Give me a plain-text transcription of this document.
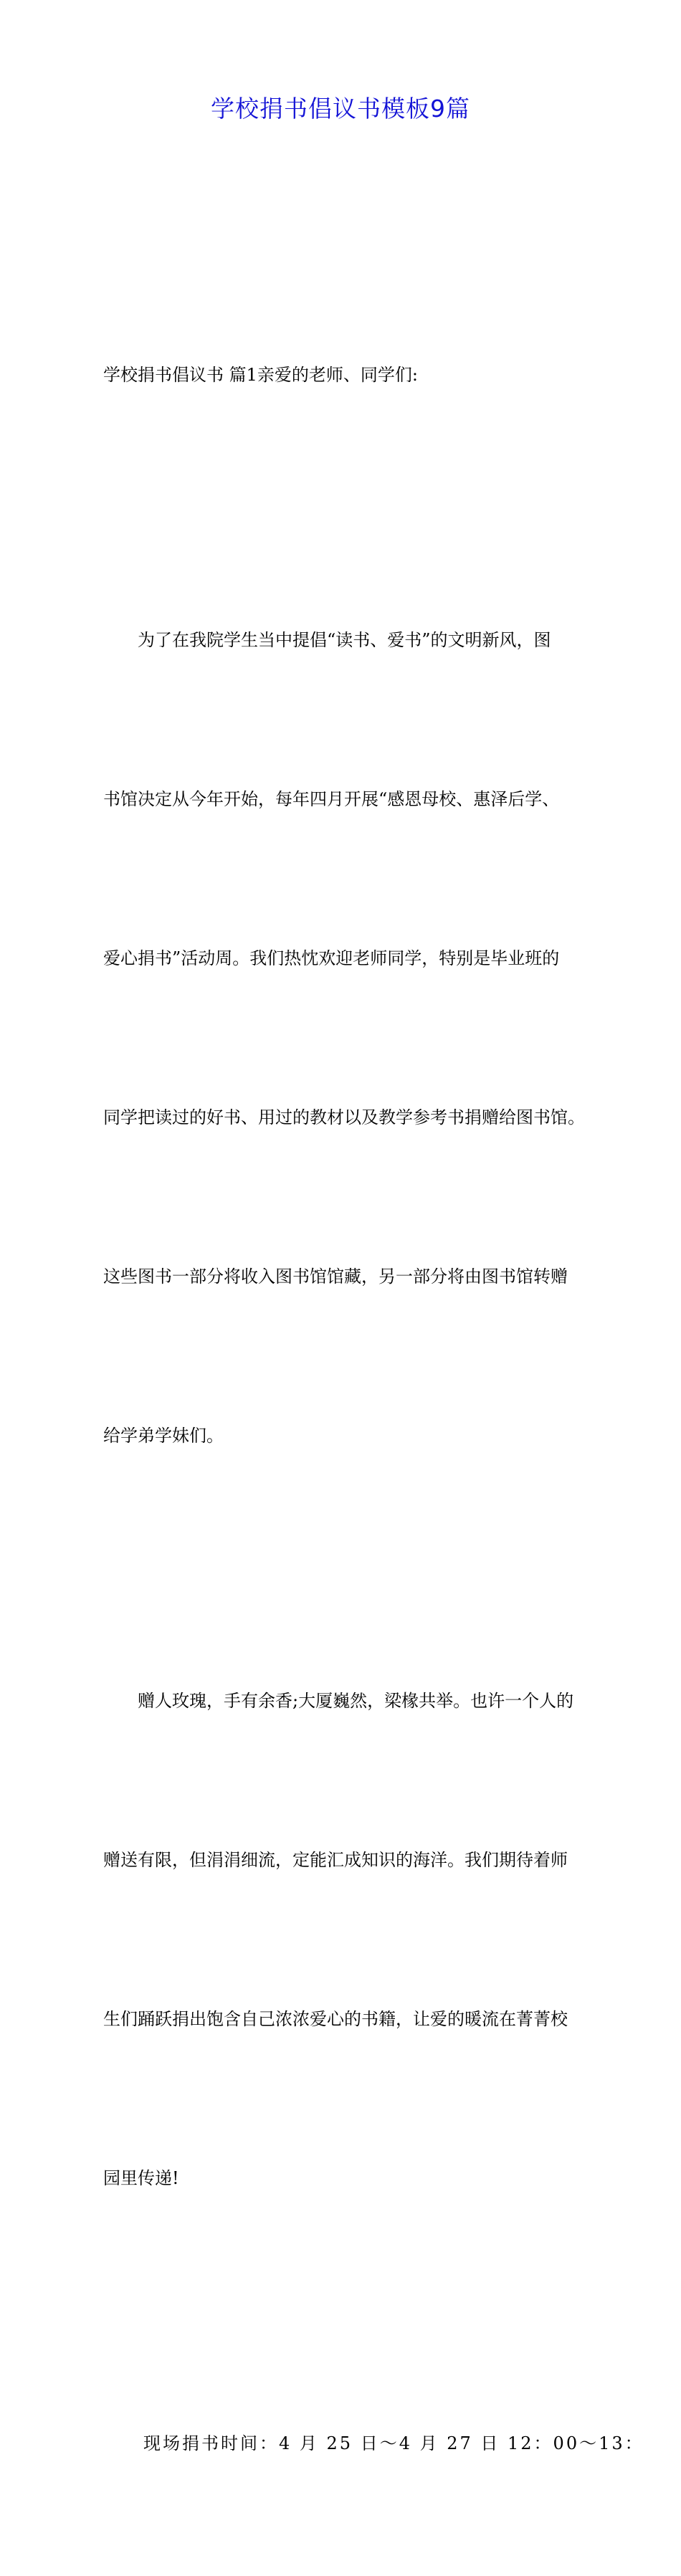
学校捐书倡议书模板9篇

学校捐书倡议书 篇1亲爱的老师、同学们:

为了在我院学生当中提倡“读书、爱书”的文明新风，图

书馆决定从今年开始，每年四月开展“感恩母校、惠泽后学、

爱心捐书”活动周。我们热忱欢迎老师同学，特别是毕业班的

同学把读过的好书、用过的教材以及教学参考书捐赠给图书馆。

这些图书一部分将收入图书馆馆藏，另一部分将由图书馆转赠

给学弟学妹们。

赠人玫瑰，手有余香;大厦巍然，梁椽共举。也许一个人的

赠送有限，但涓涓细流，定能汇成知识的海洋。我们期待着师

生们踊跃捐出饱含自己浓浓爱心的书籍，让爱的暖流在菁菁校

园里传递!

现场捐书时间：4 月 25 日～4 月 27 日 12：00～13：
